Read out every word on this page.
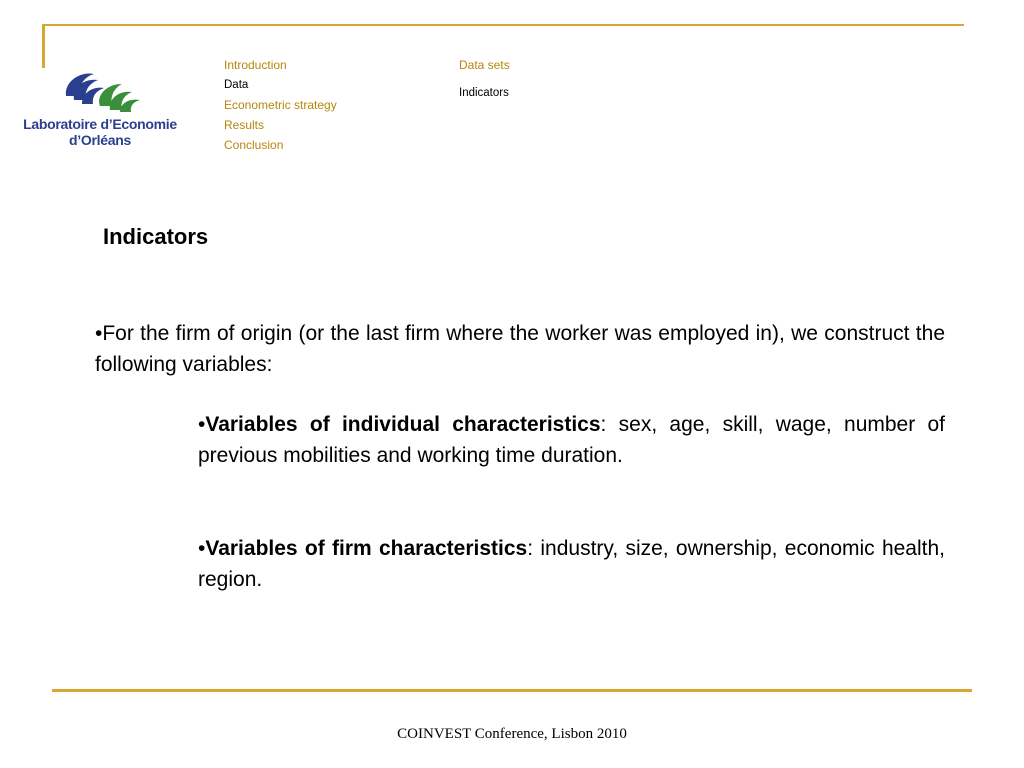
Laboratoire d’Economie
d’Orléans
Introduction
Data
Econometric strategy
Results
Conclusion
Data sets
Indicators
Indicators
•For the firm of origin (or the last firm where the worker was employed in), we construct the following variables:
•Variables of individual characteristics: sex, age, skill, wage, number of previous mobilities and working time duration.
•Variables of firm characteristics: industry, size, ownership, economic health, region.
COINVEST Conference, Lisbon 2010
